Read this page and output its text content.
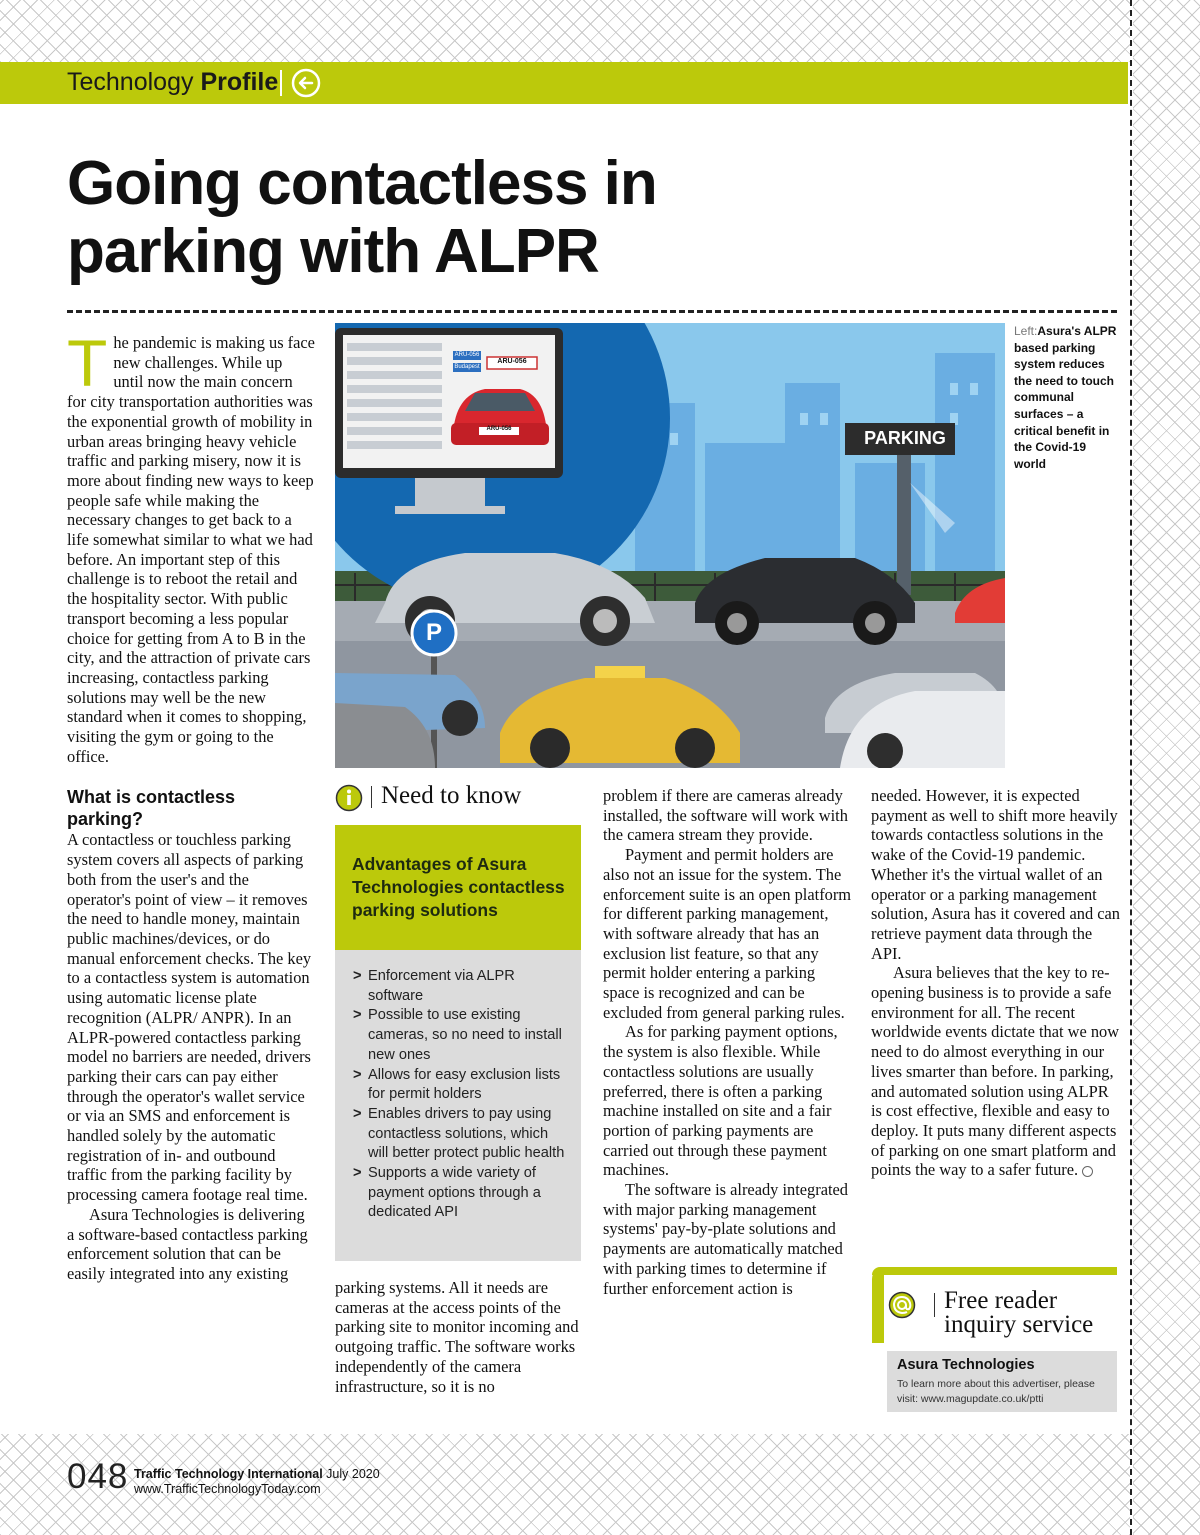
Technology Profile
Going contactless in
parking with ALPR

The pandemic is making us face new challenges. While up until now the main concern for city transportation authorities was the exponential growth of mobility in urban areas bringing heavy vehicle traffic and parking misery, now it is more about finding new ways to keep people safe while making the necessary changes to get back to a life somewhat similar to what we had before. An important step of this challenge is to reboot the retail and the hospitality sector. With public transport becoming a less popular choice for getting from A to B in the city, and the attraction of private cars increasing, contactless parking solutions may well be the new standard when it comes to shopping, visiting the gym or going to the office.

What is contactless parking?

A contactless or touchless parking system covers all aspects of parking both from the user's and the operator's point of view – it removes the need to handle money, maintain public machines/devices, or do manual enforcement checks. The key to a contactless system is automation using automatic license plate recognition (ALPR/ ANPR). In an ALPR-powered contactless parking model no barriers are needed, drivers parking their cars can pay either through the operator's wallet service or via an SMS and enforcement is handled solely by the automatic registration of in- and outbound traffic from the parking facility by processing camera footage real time.

Asura Technologies is delivering a software-based contactless parking enforcement solution that can be easily integrated into any existing

PARKING
P
ARU-056
ARU-056
Budapest
ARU-056
Left:Asura's ALPR based parking system reduces the need to touch communal surfaces – a critical benefit in the Covid-19 world
Need to know
Advantages of Asura Technologies contactless parking solutions
> Enforcement via ALPR software
> Possible to use existing cameras, so no need to install new ones
> Allows for easy exclusion lists for permit holders
> Enables drivers to pay using contactless solutions, which will better protect public health
> Supports a wide variety of payment options through a dedicated API

parking systems. All it needs are cameras at the access points of the parking site to monitor incoming and outgoing traffic. The software works independently of the camera infrastructure, so it is no

problem if there are cameras already installed, the software will work with the camera stream they provide.

Payment and permit holders are also not an issue for the system. The enforcement suite is an open platform for different parking management, with software already that has an exclusion list feature, so that any permit holder entering a parking space is recognized and can be excluded from general parking rules.

As for parking payment options, the system is also flexible. While contactless solutions are usually preferred, there is often a parking machine installed on site and a fair portion of parking payments are carried out through these payment machines.

The software is already integrated with major parking management systems' pay-by-plate solutions and payments are automatically matched with parking times to determine if further enforcement action is

needed. However, it is expected payment as well to shift more heavily towards contactless solutions in the wake of the Covid-19 pandemic. Whether it's the virtual wallet of an operator or a parking management solution, Asura has it covered and can retrieve payment data through the API.

Asura believes that the key to re-opening business is to provide a safe environment for all. The recent worldwide events dictate that we now need to do almost everything in our lives smarter than before. In parking, and automated solution using ALPR is cost effective, flexible and easy to deploy. It puts many different aspects of parking on one smart platform and points the way to a safer future.

Free reader
inquiry service
Asura Technologies
To learn more about this advertiser, please visit: www.magupdate.co.uk/ptti
048 Traffic Technology International July 2020
www.TrafficTechnologyToday.com
